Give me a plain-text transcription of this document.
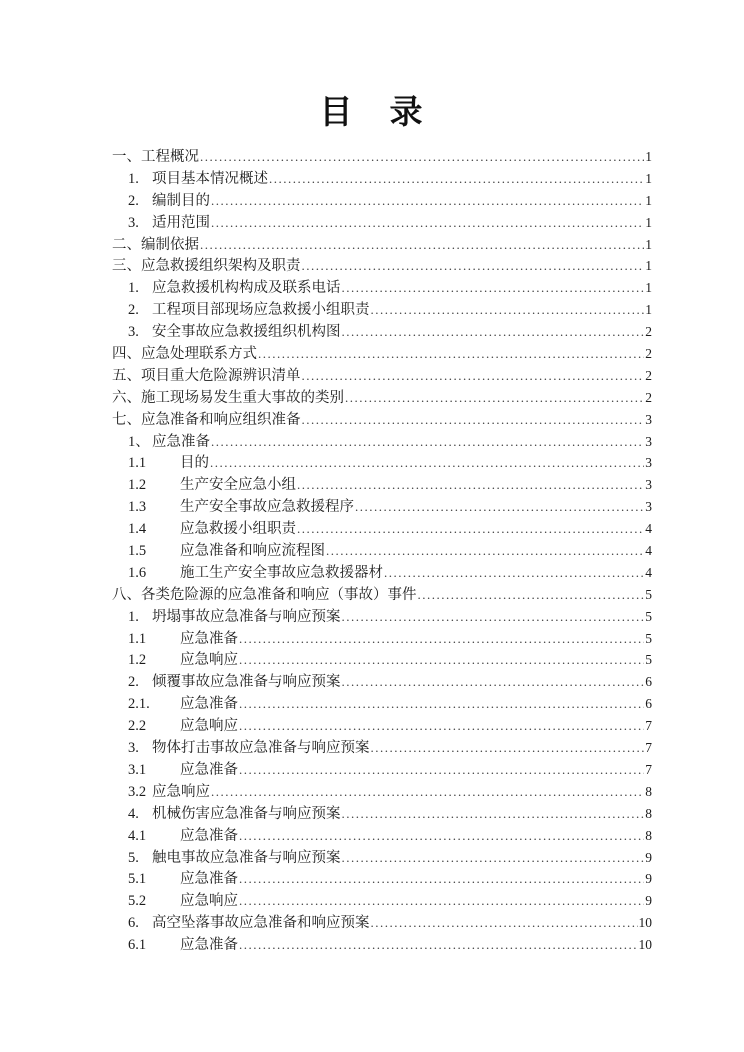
目　录
一、 工程概况 .....	1
1. 项目基本情况概述 .....	1
2. 编制目的 .....	1
3. 适用范围 .....	1
二、 编制依据 .....	1
三、 应急救援组织架构及职责 .....	1
1. 应急救援机构构成及联系电话 .....	1
2. 工程项目部现场应急救援小组职责 .....	1
3. 安全事故应急救援组织机构图 .....	2
四、 应急处理联系方式 .....	2
五、 项目重大危险源辨识清单 .....	2
六、 施工现场易发生重大事故的类别 .....	2
七、 应急准备和响应组织准备 .....	3
1、 应急准备 .....	3
1.1	目的 .....	3
1.2	生产安全应急小组 .....	3
1.3	生产安全事故应急救援程序 .....	3
1.4	应急救援小组职责 .....	4
1.5	应急准备和响应流程图 .....	4
1.6	施工生产安全事故应急救援器材 .....	4
八、 各类危险源的应急准备和响应（事故）事件 .....	5
1. 坍塌事故应急准备与响应预案 .....	5
1.1	应急准备 .....	5
1.2	应急响应 .....	5
2. 倾覆事故应急准备与响应预案 .....	6
2.1.	应急准备 .....	6
2.2	应急响应 .....	7
3. 物体打击事故应急准备与响应预案 .....	7
3.1	应急准备 .....	7
3.2 应急响应 .....	8
4. 机械伤害应急准备与响应预案 .....	8
4.1	应急准备 .....	8
5. 触电事故应急准备与响应预案 .....	9
5.1	应急准备 .....	9
5.2	应急响应 .....	9
6. 高空坠落事故应急准备和响应预案 .....	10
6.1	应急准备 .....	10
